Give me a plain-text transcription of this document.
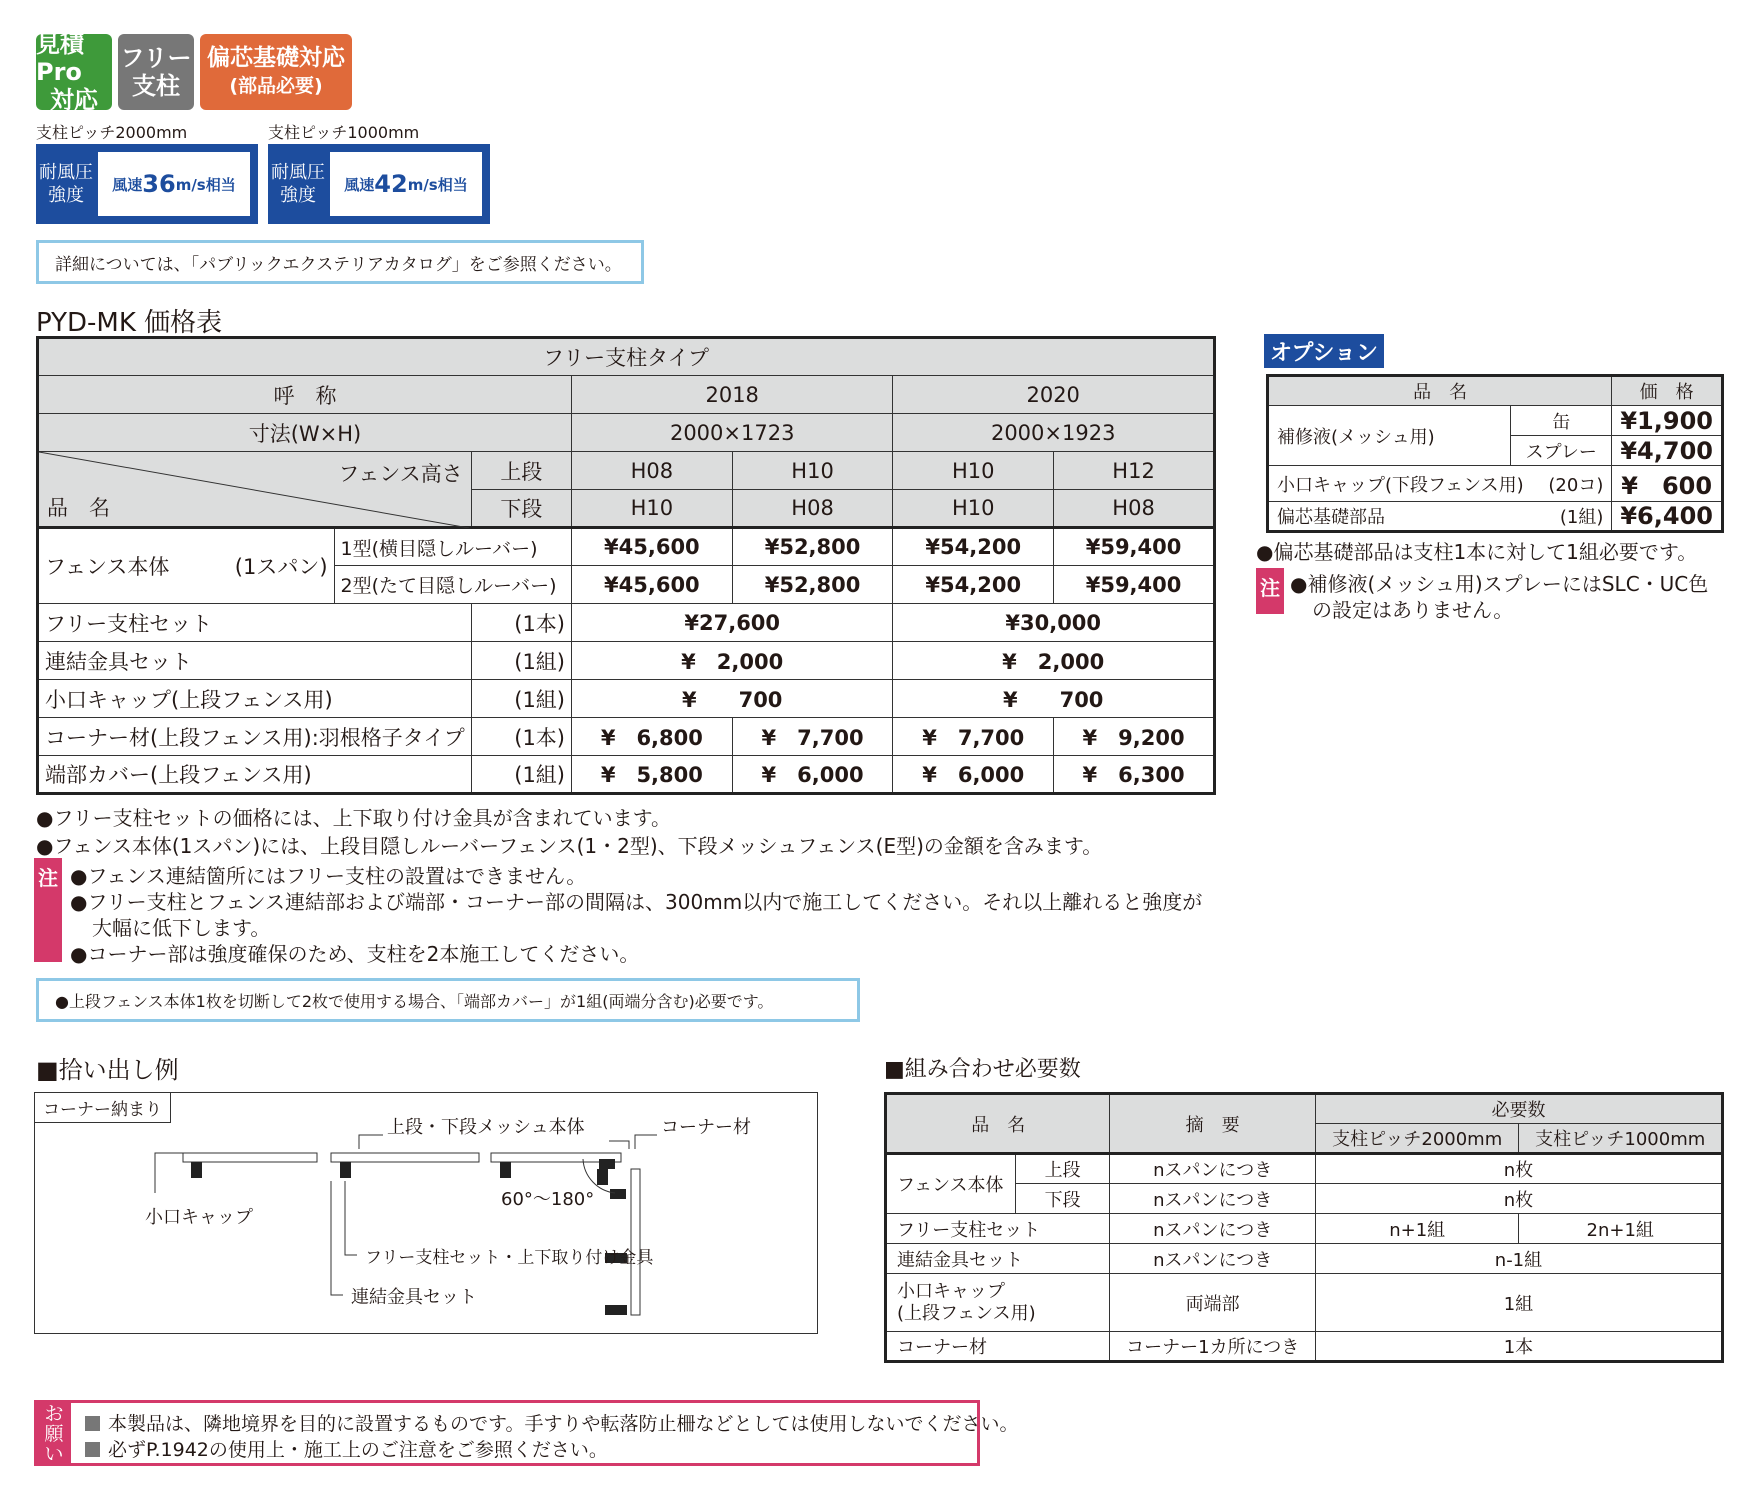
見積Pro
対応
フリー
支柱
偏芯基礎対応
(部品必要)
支柱ピッチ2000mm
耐風圧
強度
風速 36 m/s相当
支柱ピッチ1000mm
耐風圧
強度
風速 42 m/s相当
詳細については、「パブリックエクステリアカタログ」をご参照ください。
PYD-MK 価格表
フリー支柱タイプ						
呼　称			2018		2020	
寸法(W×H)			2000×1723		2000×1923	

フェンス高さ
品　名		上段	H08	H10	H10	H12
		下段	H10	H08	H10	H08
フェンス本体 (1スパン)	1型(横目隠しルーバー)		¥45,600	¥52,800	¥54,200	¥59,400
	2型(たて目隠しルーバー)		¥45,600	¥52,800	¥54,200	¥59,400
フリー支柱セット		(1本)	¥27,600		¥30,000	
連結金具セット		(1組)	¥　2,000		¥　2,000	
小口キャップ(上段フェンス用)		(1組)	¥　　700		¥　　700	
コーナー材(上段フェンス用):羽根格子タイプ		(1本)	¥　6,800	¥　7,700	¥　7,700	¥　9,200
端部カバー(上段フェンス用)		(1組)	¥　5,800	¥　6,000	¥　6,000	¥　6,300
●フリー支柱セットの価格には、上下取り付け金具が含まれています。
●フェンス本体(1スパン)には、上段目隠しルーバーフェンス(1・2型)、下段メッシュフェンス(E型)の金額を含みます。
注 ●フェンス連結箇所にはフリー支柱の設置はできません。
●フリー支柱とフェンス連結部および端部・コーナー部の間隔は、300mm以内で施工してください。それ以上離れると強度が
大幅に低下します。
●コーナー部は強度確保のため、支柱を2本施工してください。
●上段フェンス本体1枚を切断して2枚で使用する場合、「端部カバー」が1組(両端分含む)必要です。
オプション
品　名		価　格
補修液(メッシュ用)	缶	¥1,900
	スプレー	¥4,700
小口キャップ(下段フェンス用) (20コ)		¥　600
偏芯基礎部品 (1組)		¥6,400
●偏芯基礎部品は支柱1本に対して1組必要です。
注 ●補修液(メッシュ用)スプレーにはSLC・UC色
の設定はありません。
■拾い出し例
コーナー納まり
上段・下段メッシュ本体	コーナー材
小口キャップ
60°～180°
フリー支柱セット・上下取り付け金具
連結金具セット
■組み合わせ必要数
品　名		摘　要	必要数	
			支柱ピッチ2000mm	支柱ピッチ1000mm
フェンス本体	上段	nスパンにつき	n枚	
	下段	nスパンにつき	n枚	
フリー支柱セット		nスパンにつき	n+1組	2n+1組
連結金具セット		nスパンにつき	n-1組	

小口キャップ
(上段フェンス用)		両端部	1組	
コーナー材		コーナー1カ所につき	1本	
お
願
い
本製品は、隣地境界を目的に設置するものです。手すりや転落防止柵などとしては使用しないでください。
必ずP.1942の使用上・施工上のご注意をご参照ください。
